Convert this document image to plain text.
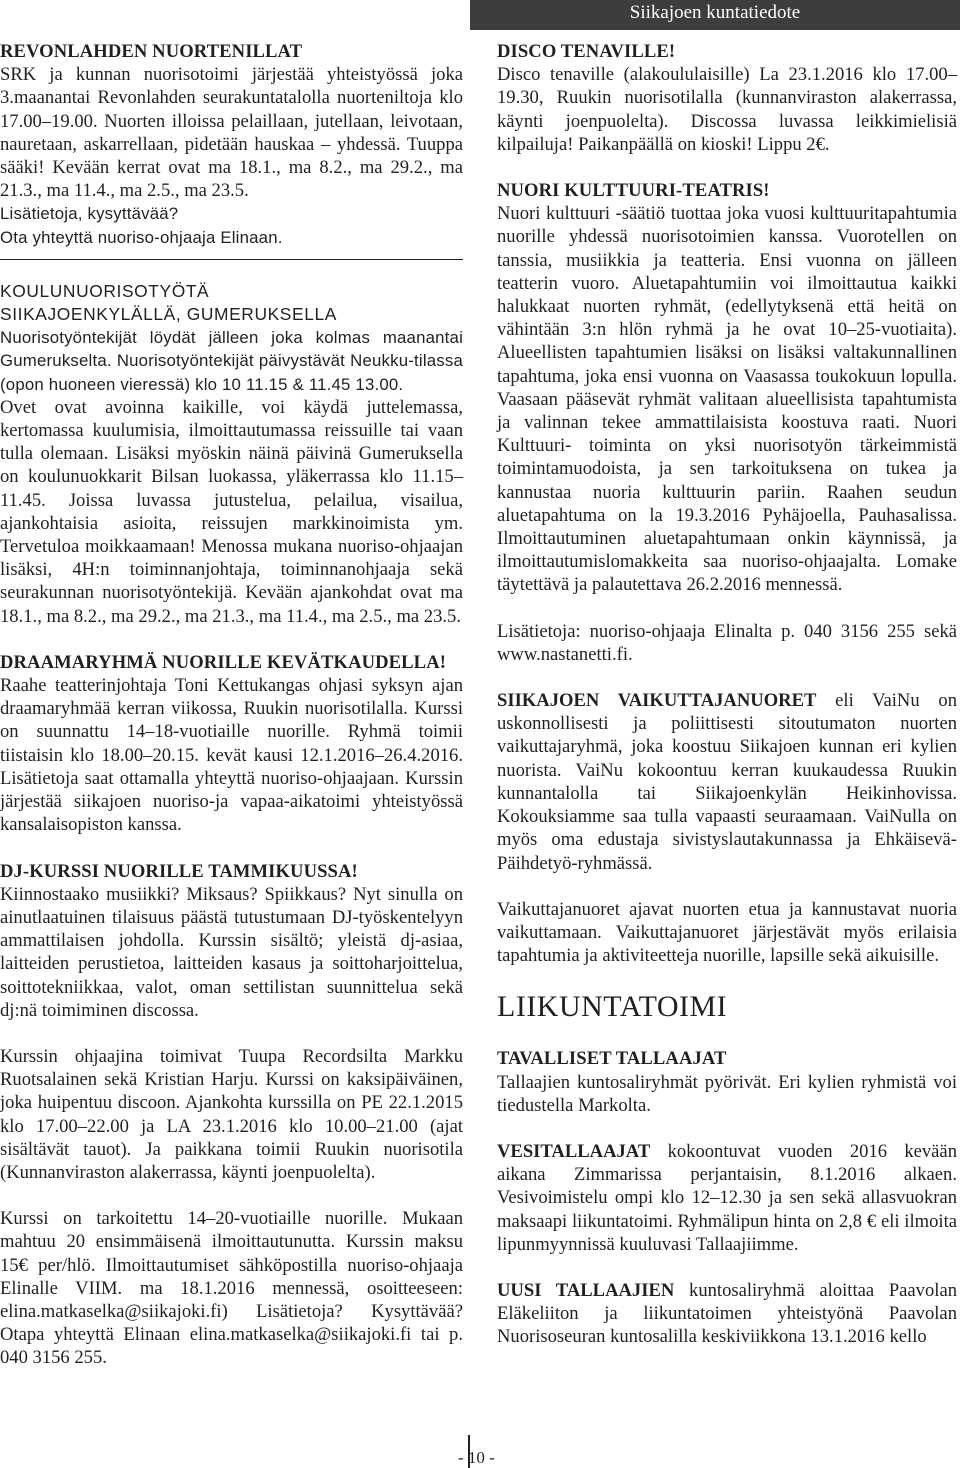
Siikajoen kuntatiedote

REVONLAHDEN NUORTENILLAT

SRK ja kunnan nuorisotoimi järjestää yhteistyössä joka 3.maanantai Revonlahden seurakuntatalolla nuorteniltoja klo 17.00–19.00. Nuorten illoissa pelaillaan, jutellaan, leivotaan, nauretaan, askarrellaan, pidetään hauskaa – yhdessä. Tuuppa sääki! Kevään kerrat ovat ma 18.1., ma 8.2., ma 29.2., ma 21.3., ma 11.4., ma 2.5., ma 23.5.

Lisätietoja, kysyttävää?

Ota yhteyttä nuoriso-ohjaaja Elinaan.

KOULUNUORISOTYÖTÄ

SIIKAJOENKYLÄLLÄ, GUMERUKSELLA

Nuorisotyöntekijät löydät jälleen joka kolmas maanantai Gumerukselta. Nuorisotyöntekijät päivystävät Neukku-tilassa (opon huoneen vieressä) klo 10 11.15 & 11.45 13.00.

Ovet ovat avoinna kaikille, voi käydä juttelemassa, kertomassa kuulumisia, ilmoittautumassa reissuille tai vaan tulla olemaan. Lisäksi myöskin näinä päivinä Gumeruksella on koulunuokkarit Bilsan luokassa, yläkerrassa klo 11.15–11.45. Joissa luvassa jutustelua, pelailua, visailua, ajankohtaisia asioita, reissujen markkinoimista ym. Tervetuloa moikkaamaan! Menossa mukana nuoriso-ohjaajan lisäksi, 4H:n toiminnanjohtaja, toiminnanohjaaja sekä seurakunnan nuorisotyöntekijä. Kevään ajankohdat ovat ma 18.1., ma 8.2., ma 29.2., ma 21.3., ma 11.4., ma 2.5., ma 23.5.

DRAAMARYHMÄ NUORILLE KEVÄTKAUDELLA!

Raahe teatterinjohtaja Toni Kettukangas ohjasi syksyn ajan draamaryhmää kerran viikossa, Ruukin nuorisotilalla. Kurssi on suunnattu 14–18-vuotiaille nuorille. Ryhmä toimii tiistaisin klo 18.00–20.15. kevät kausi 12.1.2016–26.4.2016. Lisätietoja saat ottamalla yhteyttä nuoriso-ohjaajaan. Kurssin järjestää siikajoen nuoriso-ja vapaa-aikatoimi yhteistyössä kansalaisopiston kanssa.

DJ-KURSSI NUORILLE TAMMIKUUSSA!

Kiinnostaako musiikki? Miksaus? Spiikkaus? Nyt sinulla on ainutlaatuinen tilaisuus päästä tutustumaan DJ-työskentelyyn ammattilaisen johdolla. Kurssin sisältö; yleistä dj-asiaa, laitteiden perustietoa, laitteiden kasaus ja soittoharjoittelua, soittotekniikkaa, valot, oman settilistan suunnittelua sekä dj:nä toimiminen discossa.

Kurssin ohjaajina toimivat Tuupa Recordsilta Markku Ruotsalainen sekä Kristian Harju. Kurssi on kaksipäiväinen, joka huipentuu discoon. Ajankohta kurssilla on PE 22.1.2015 klo 17.00–22.00 ja LA 23.1.2016 klo 10.00–21.00 (ajat sisältävät tauot). Ja paikkana toimii Ruukin nuorisotila (Kunnanviraston alakerrassa, käynti joenpuolelta).

Kurssi on tarkoitettu 14–20-vuotiaille nuorille. Mukaan mahtuu 20 ensimmäisenä ilmoittautunutta. Kurssin maksu 15€ per/hlö. Ilmoittautumiset sähköpostilla nuoriso-ohjaaja Elinalle VIIM. ma 18.1.2016 mennessä, osoitteeseen: elina.matkaselka@siikajoki.fi) Lisätietoja? Kysyttävää? Otapa yhteyttä Elinaan elina.matkaselka@siikajoki.fi tai p. 040 3156 255.

DISCO TENAVILLE!

Disco tenaville (alakoululaisille) La 23.1.2016 klo 17.00–19.30, Ruukin nuorisotilalla (kunnanviraston alakerrassa, käynti joenpuolelta). Discossa luvassa leikkimielisiä kilpailuja! Paikanpäällä on kioski! Lippu 2€.

NUORI KULTTUURI-TEATRIS!

Nuori kulttuuri -säätiö tuottaa joka vuosi kulttuuritapahtumia nuorille yhdessä nuorisotoimien kanssa. Vuorotellen on tanssia, musiikkia ja teatteria. Ensi vuonna on jälleen teatterin vuoro. Aluetapahtumiin voi ilmoittautua kaikki halukkaat nuorten ryhmät, (edellytyksenä että heitä on vähintään 3:n hlön ryhmä ja he ovat 10–25-vuotiaita). Alueellisten tapahtumien lisäksi on lisäksi valtakunnallinen tapahtuma, joka ensi vuonna on Vaasassa toukokuun lopulla. Vaasaan pääsevät ryhmät valitaan alueellisista tapahtumista ja valinnan tekee ammattilaisista koostuva raati. Nuori Kulttuuri- toiminta on yksi nuorisotyön tärkeimmistä toimintamuodoista, ja sen tarkoituksena on tukea ja kannustaa nuoria kulttuurin pariin. Raahen seudun aluetapahtuma on la 19.3.2016 Pyhäjoella, Pauhasalissa. Ilmoittautuminen aluetapahtumaan onkin käynnissä, ja ilmoittautumislomakkeita saa nuoriso-ohjaajalta. Lomake täytettävä ja palautettava 26.2.2016 mennessä.

Lisätietoja: nuoriso-ohjaaja Elinalta p. 040 3156 255 sekä www.nastanetti.fi.

SIIKAJOEN VAIKUTTAJANUORET eli VaiNu on uskonnollisesti ja poliittisesti sitoutumaton nuorten vaikuttajaryhmä, joka koostuu Siikajoen kunnan eri kylien nuorista. VaiNu kokoontuu kerran kuukaudessa Ruukin kunnantalolla tai Siikajoenkylän Heikinhovissa. Kokouksiamme saa tulla vapaasti seuraamaan. VaiNulla on myös oma edustaja sivistyslautakunnassa ja Ehkäisevä-Päihdetyö-ryhmässä.

Vaikuttajanuoret ajavat nuorten etua ja kannustavat nuoria vaikuttamaan. Vaikuttajanuoret järjestävät myös erilaisia tapahtumia ja aktiviteetteja nuorille, lapsille sekä aikuisille.

LIIKUNTATOIMI

TAVALLISET TALLAAJAT

Tallaajien kuntosaliryhmät pyörivät. Eri kylien ryhmistä voi tiedustella Markolta.

VESITALLAAJAT kokoontuvat vuoden 2016 kevään aikana Zimmarissa perjantaisin, 8.1.2016 alkaen. Vesivoimistelu ompi klo 12–12.30 ja sen sekä allasvuokran maksaapi liikuntatoimi. Ryhmälipun hinta on 2,8 € eli ilmoita lipunmyynnissä kuuluvasi Tallaajiimme.

UUSI TALLAAJIEN kuntosaliryhmä aloittaa Paavolan Eläkeliiton ja liikuntatoimen yhteistyönä Paavolan Nuorisoseuran kuntosalilla keskiviikkona 13.1.2016 kello

- 10 -
